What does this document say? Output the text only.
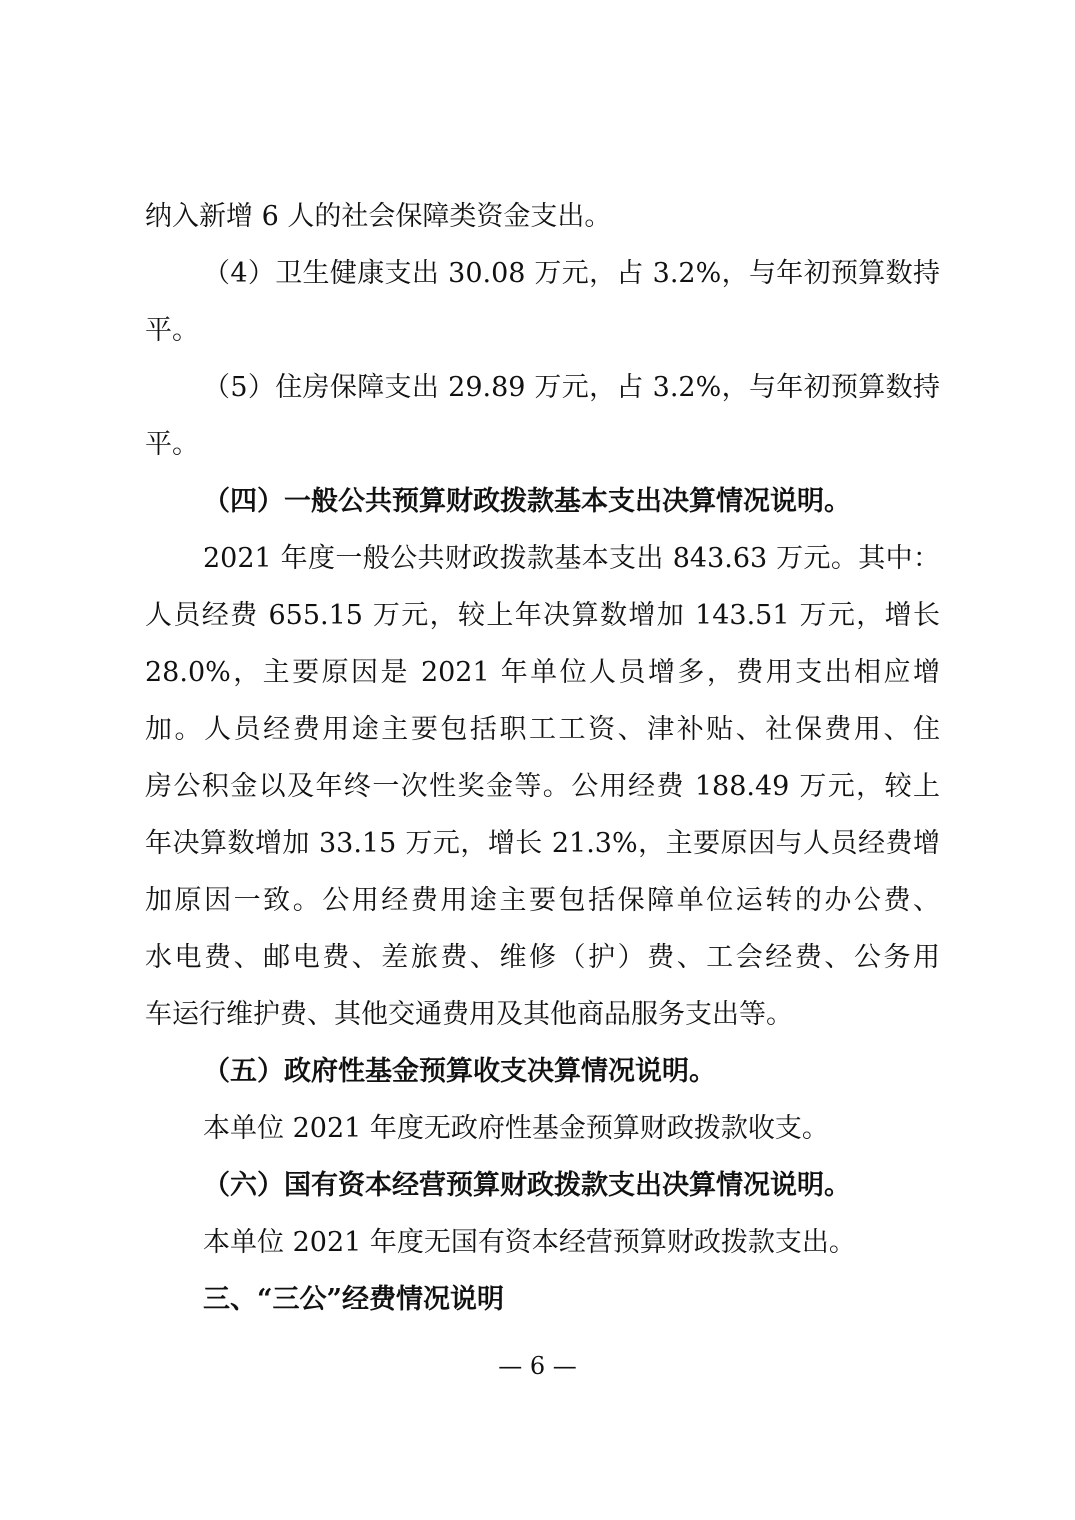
纳入新增 6 人的社会保障类资金支出。
（4）卫生健康支出 30.08 万元，占 3.2%，与年初预算数持
平。
（5）住房保障支出 29.89 万元，占 3.2%，与年初预算数持
平。
（四）一般公共预算财政拨款基本支出决算情况说明。
2021 年度一般公共财政拨款基本支出 843.63 万元。其中：
人员经费 655.15 万元，较上年决算数增加 143.51 万元，增长
28.0%，主要原因是 2021 年单位人员增多，费用支出相应增
加。人员经费用途主要包括职工工资、津补贴、社保费用、住
房公积金以及年终一次性奖金等。公用经费 188.49 万元，较上
年决算数增加 33.15 万元，增长 21.3%，主要原因与人员经费增
加原因一致。公用经费用途主要包括保障单位运转的办公费、
水电费、邮电费、差旅费、维修（护）费、工会经费、公务用
车运行维护费、其他交通费用及其他商品服务支出等。
（五）政府性基金预算收支决算情况说明。
本单位 2021 年度无政府性基金预算财政拨款收支。
（六）国有资本经营预算财政拨款支出决算情况说明。
本单位 2021 年度无国有资本经营预算财政拨款支出。
三、“三公”经费情况说明
— 6 —
